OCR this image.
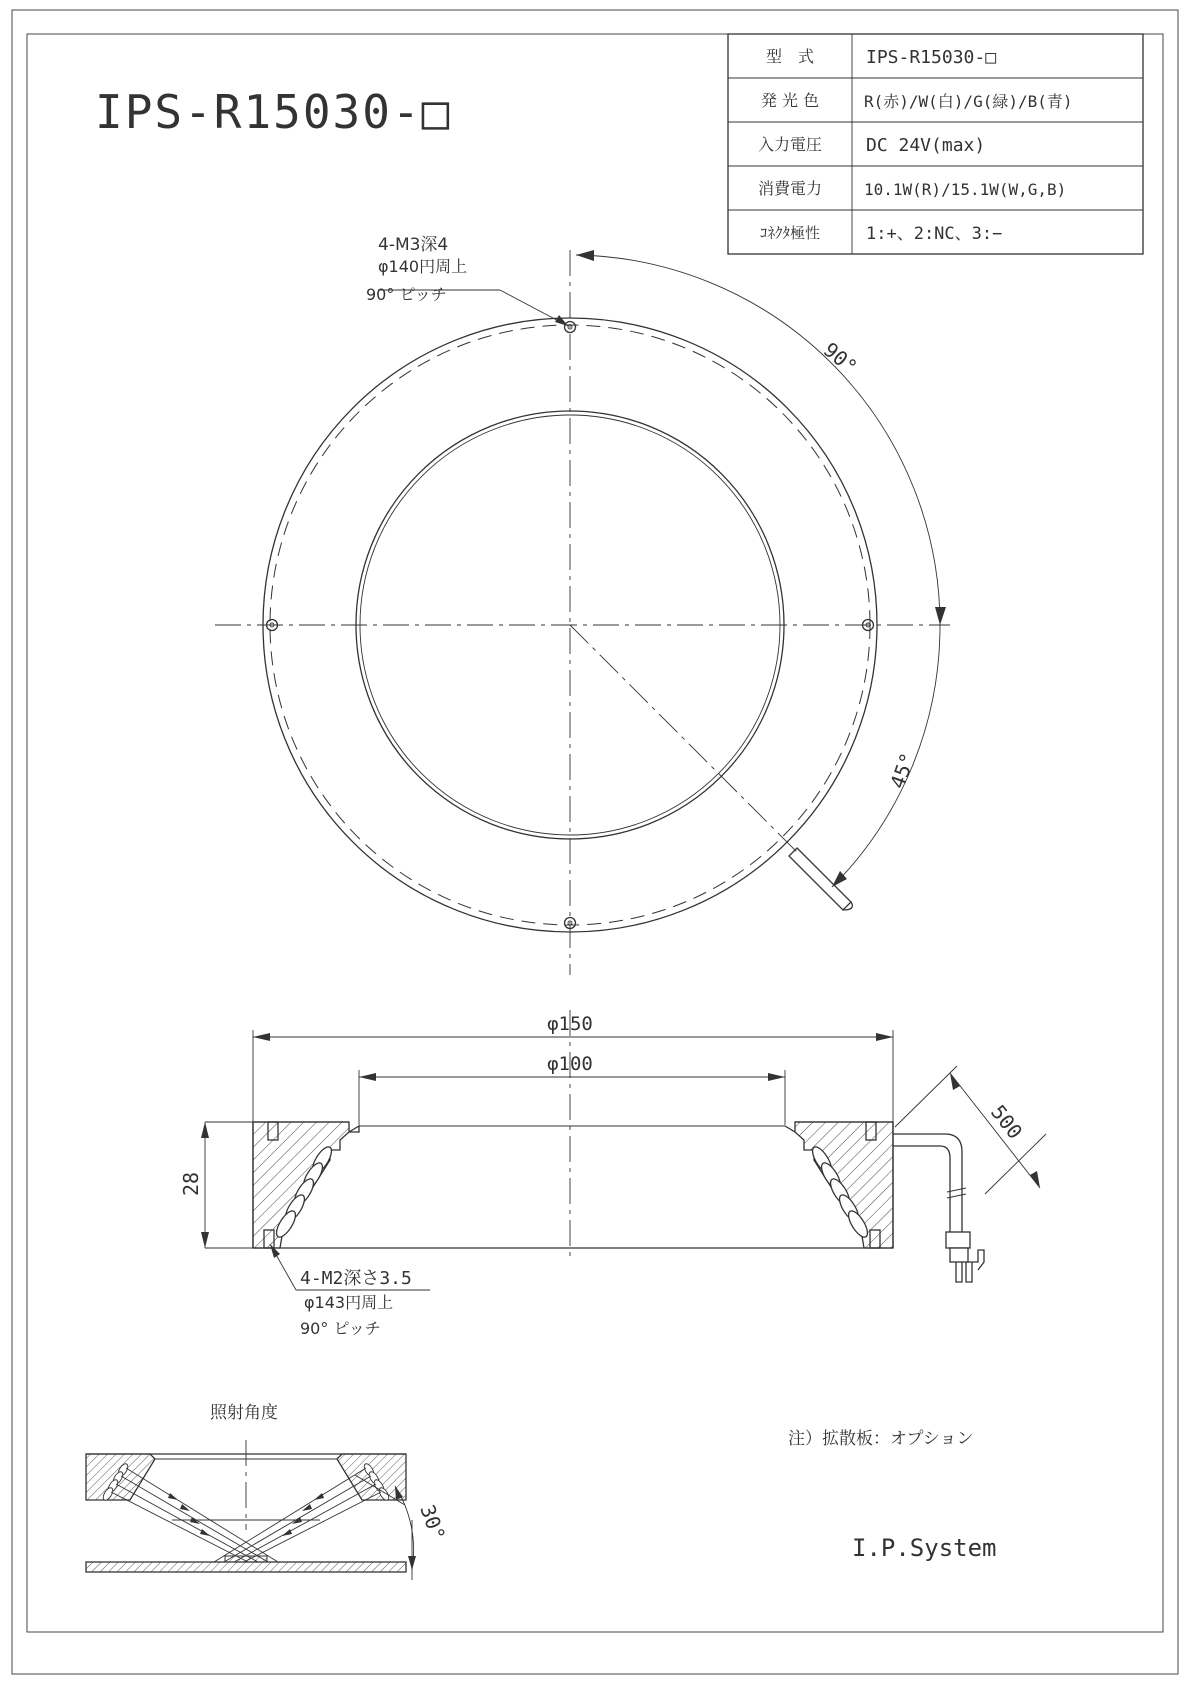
IPS-R15030-□
型　式	IPS-R15030-□
発 光 色	R(赤)/W(白)/G(緑)/B(青)
入力電圧 DC 24V(max)
消費電力	10.1W(R)/15.1W(W,G,B)
ｺﾈｸﾀ極性	1:+、2:NC、3:−
4-M3深4
φ140円周上
90° ピッチ
90°
45°
φ150
φ100
28
500
4-M2深さ3.5
φ143円周上
90° ピッチ
照射角度
30°
注）拡散板：オプション
I.P.System
